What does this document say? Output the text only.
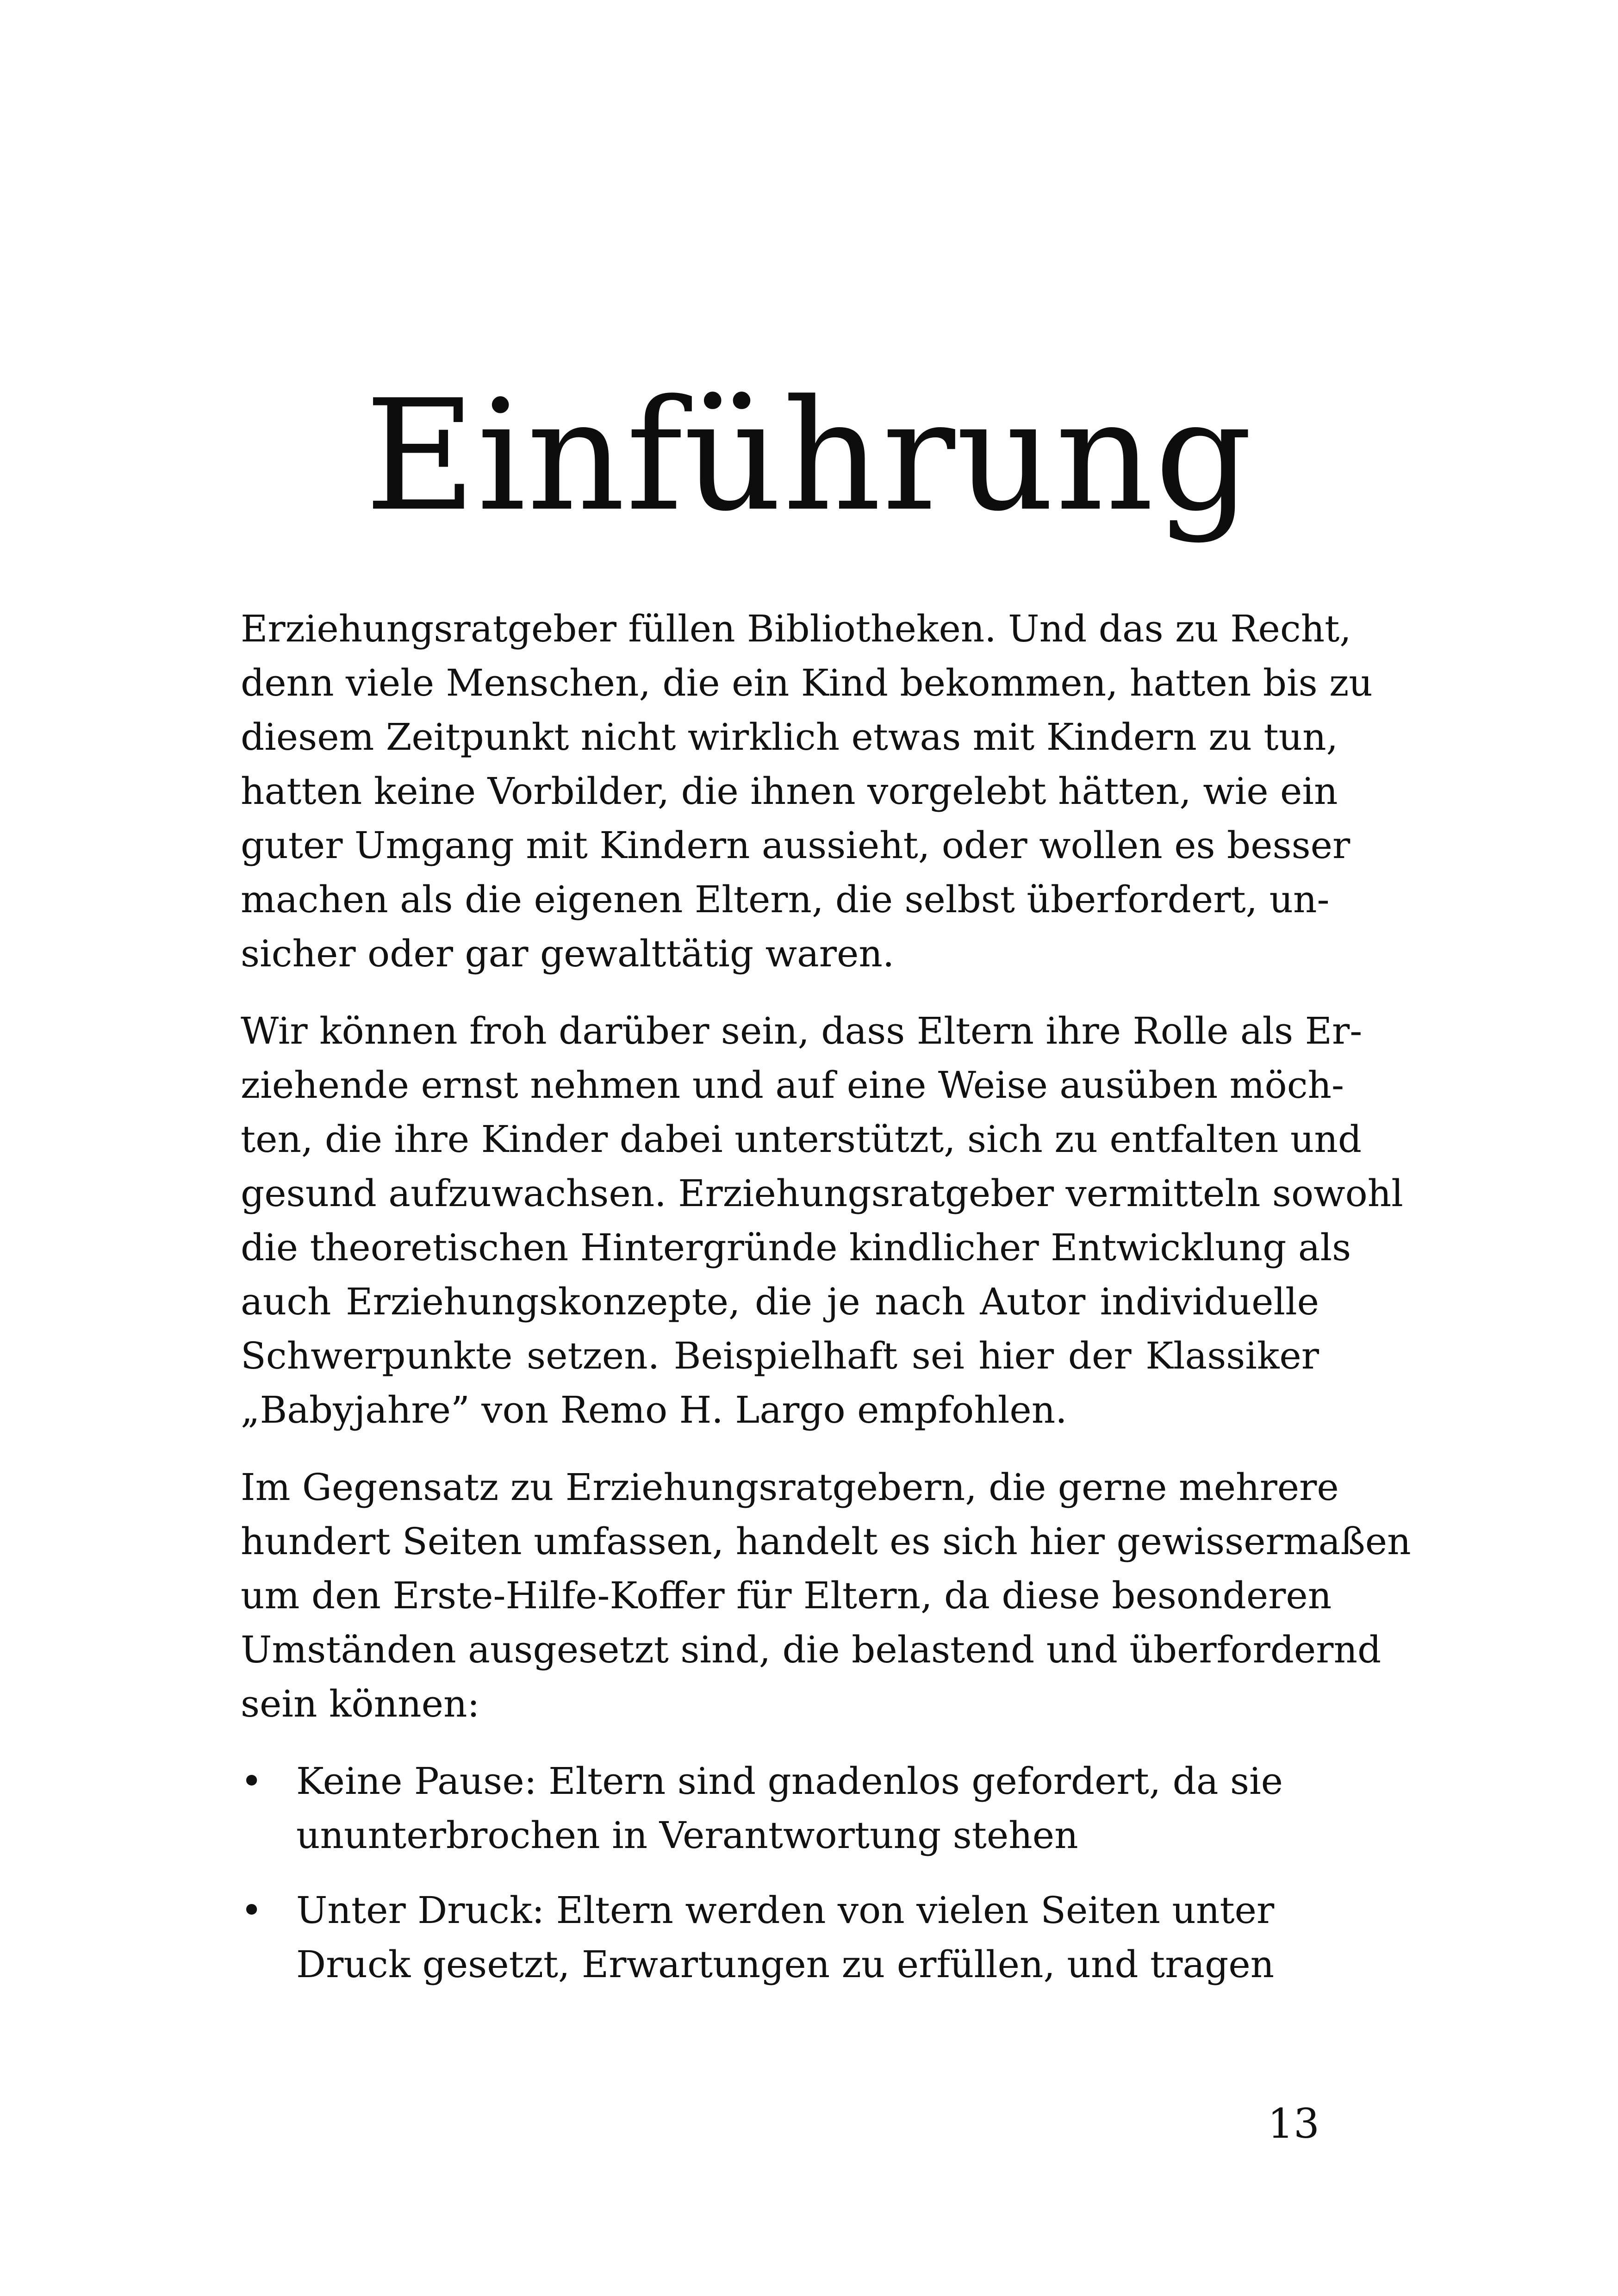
Einführung

Erziehungsratgeber füllen Bibliotheken. Und das zu Recht,
denn viele Menschen, die ein Kind bekommen, hatten bis zu
diesem Zeitpunkt nicht wirklich etwas mit Kindern zu tun,
hatten keine Vorbilder, die ihnen vorgelebt hätten, wie ein
guter Umgang mit Kindern aussieht, oder wollen es besser
machen als die eigenen Eltern, die selbst überfordert, un-
sicher oder gar gewalttätig waren.

Wir können froh darüber sein, dass Eltern ihre Rolle als Er-
ziehende ernst nehmen und auf eine Weise ausüben möch-
ten, die ihre Kinder dabei unterstützt, sich zu entfalten und
gesund aufzuwachsen. Erziehungsratgeber vermitteln sowohl
die theoretischen Hintergründe kindlicher Entwicklung als
auch Erziehungskonzepte, die je nach Autor individuelle
Schwerpunkte setzen. Beispielhaft sei hier der Klassiker
„Babyjahre” von Remo H. Largo empfohlen.

Im Gegensatz zu Erziehungsratgebern, die gerne mehrere
hundert Seiten umfassen, handelt es sich hier gewissermaßen
um den Erste-Hilfe-Koffer für Eltern, da diese besonderen
Umständen ausgesetzt sind, die belastend und überfordernd
sein können:

• Keine Pause: Eltern sind gnadenlos gefordert, da sie
ununterbrochen in Verantwortung stehen
• Unter Druck: Eltern werden von vielen Seiten unter
Druck gesetzt, Erwartungen zu erfüllen, und tragen
13
